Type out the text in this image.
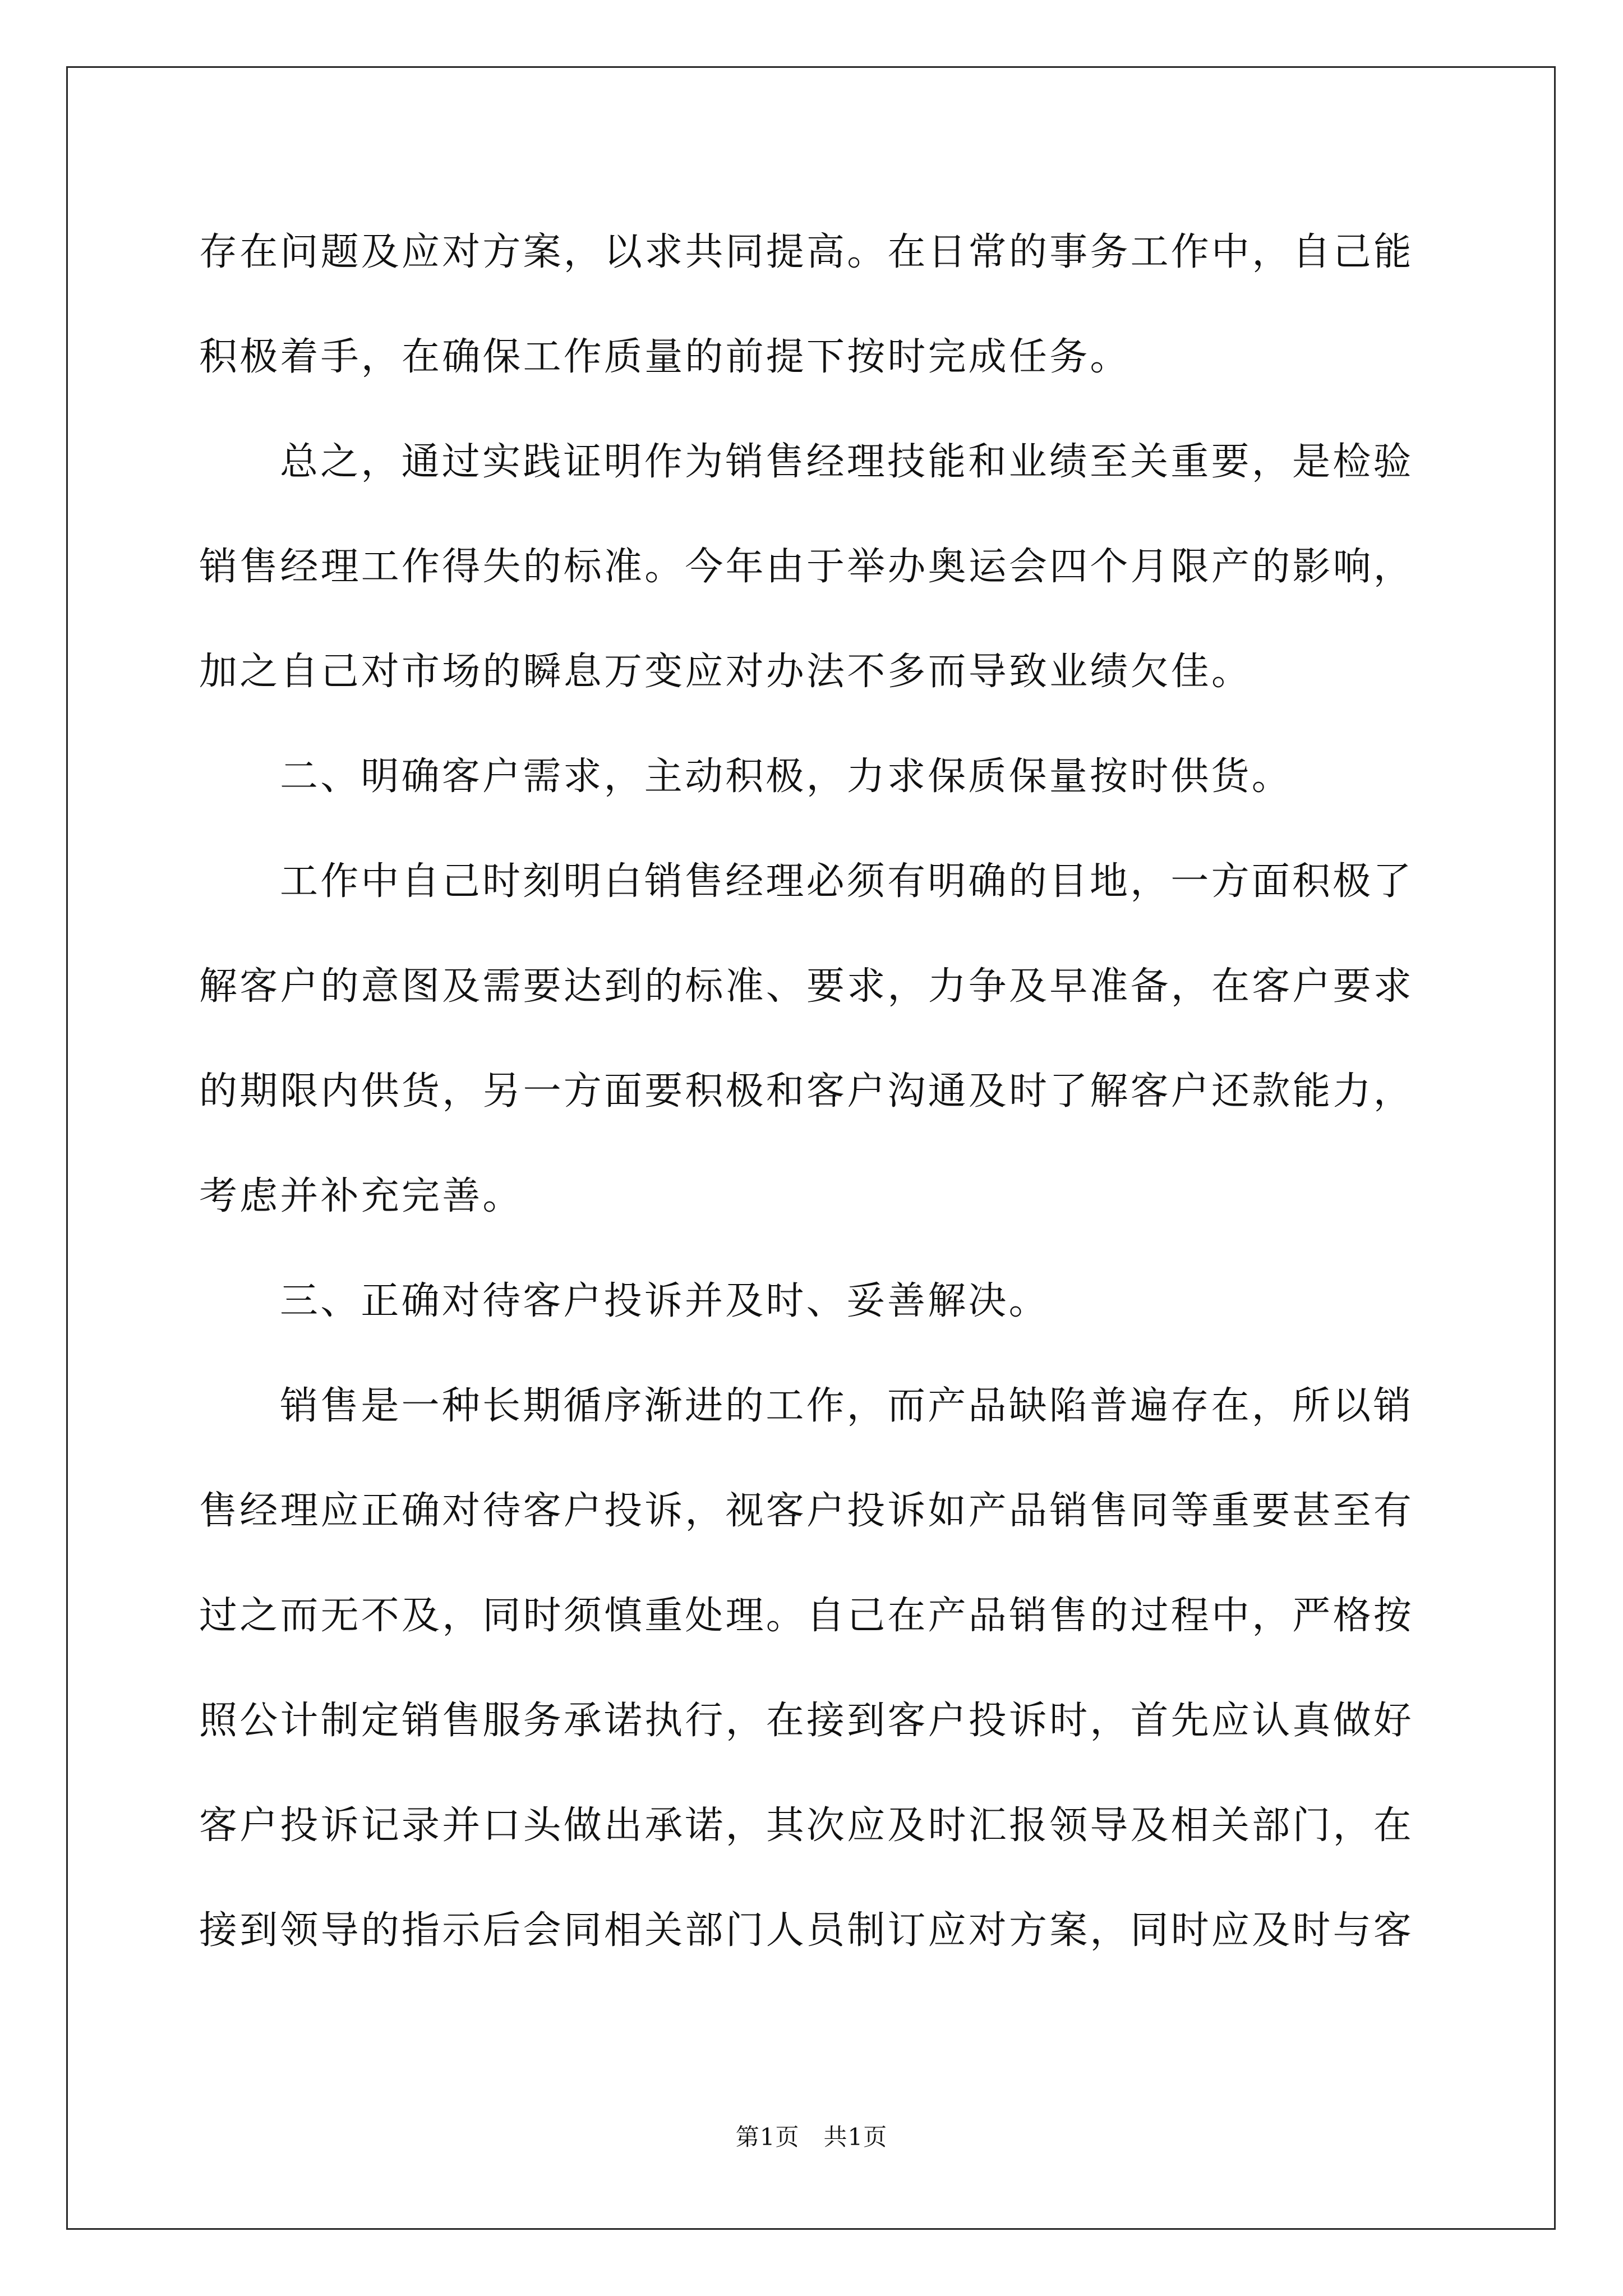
存在问题及应对方案，以求共同提高。在日常的事务工作中，自己能
积极着手，在确保工作质量的前提下按时完成任务。
总之，通过实践证明作为销售经理技能和业绩至关重要，是检验
销售经理工作得失的标准。今年由于举办奥运会四个月限产的影响，
加之自己对市场的瞬息万变应对办法不多而导致业绩欠佳。
二、明确客户需求，主动积极，力求保质保量按时供货。
工作中自己时刻明白销售经理必须有明确的目地，一方面积极了
解客户的意图及需要达到的标准、要求，力争及早准备，在客户要求
的期限内供货，另一方面要积极和客户沟通及时了解客户还款能力，
考虑并补充完善。
三、正确对待客户投诉并及时、妥善解决。
销售是一种长期循序渐进的工作，而产品缺陷普遍存在，所以销
售经理应正确对待客户投诉，视客户投诉如产品销售同等重要甚至有
过之而无不及，同时须慎重处理。自己在产品销售的过程中，严格按
照公计制定销售服务承诺执行，在接到客户投诉时，首先应认真做好
客户投诉记录并口头做出承诺，其次应及时汇报领导及相关部门，在
接到领导的指示后会同相关部门人员制订应对方案，同时应及时与客
第1页   共1页
